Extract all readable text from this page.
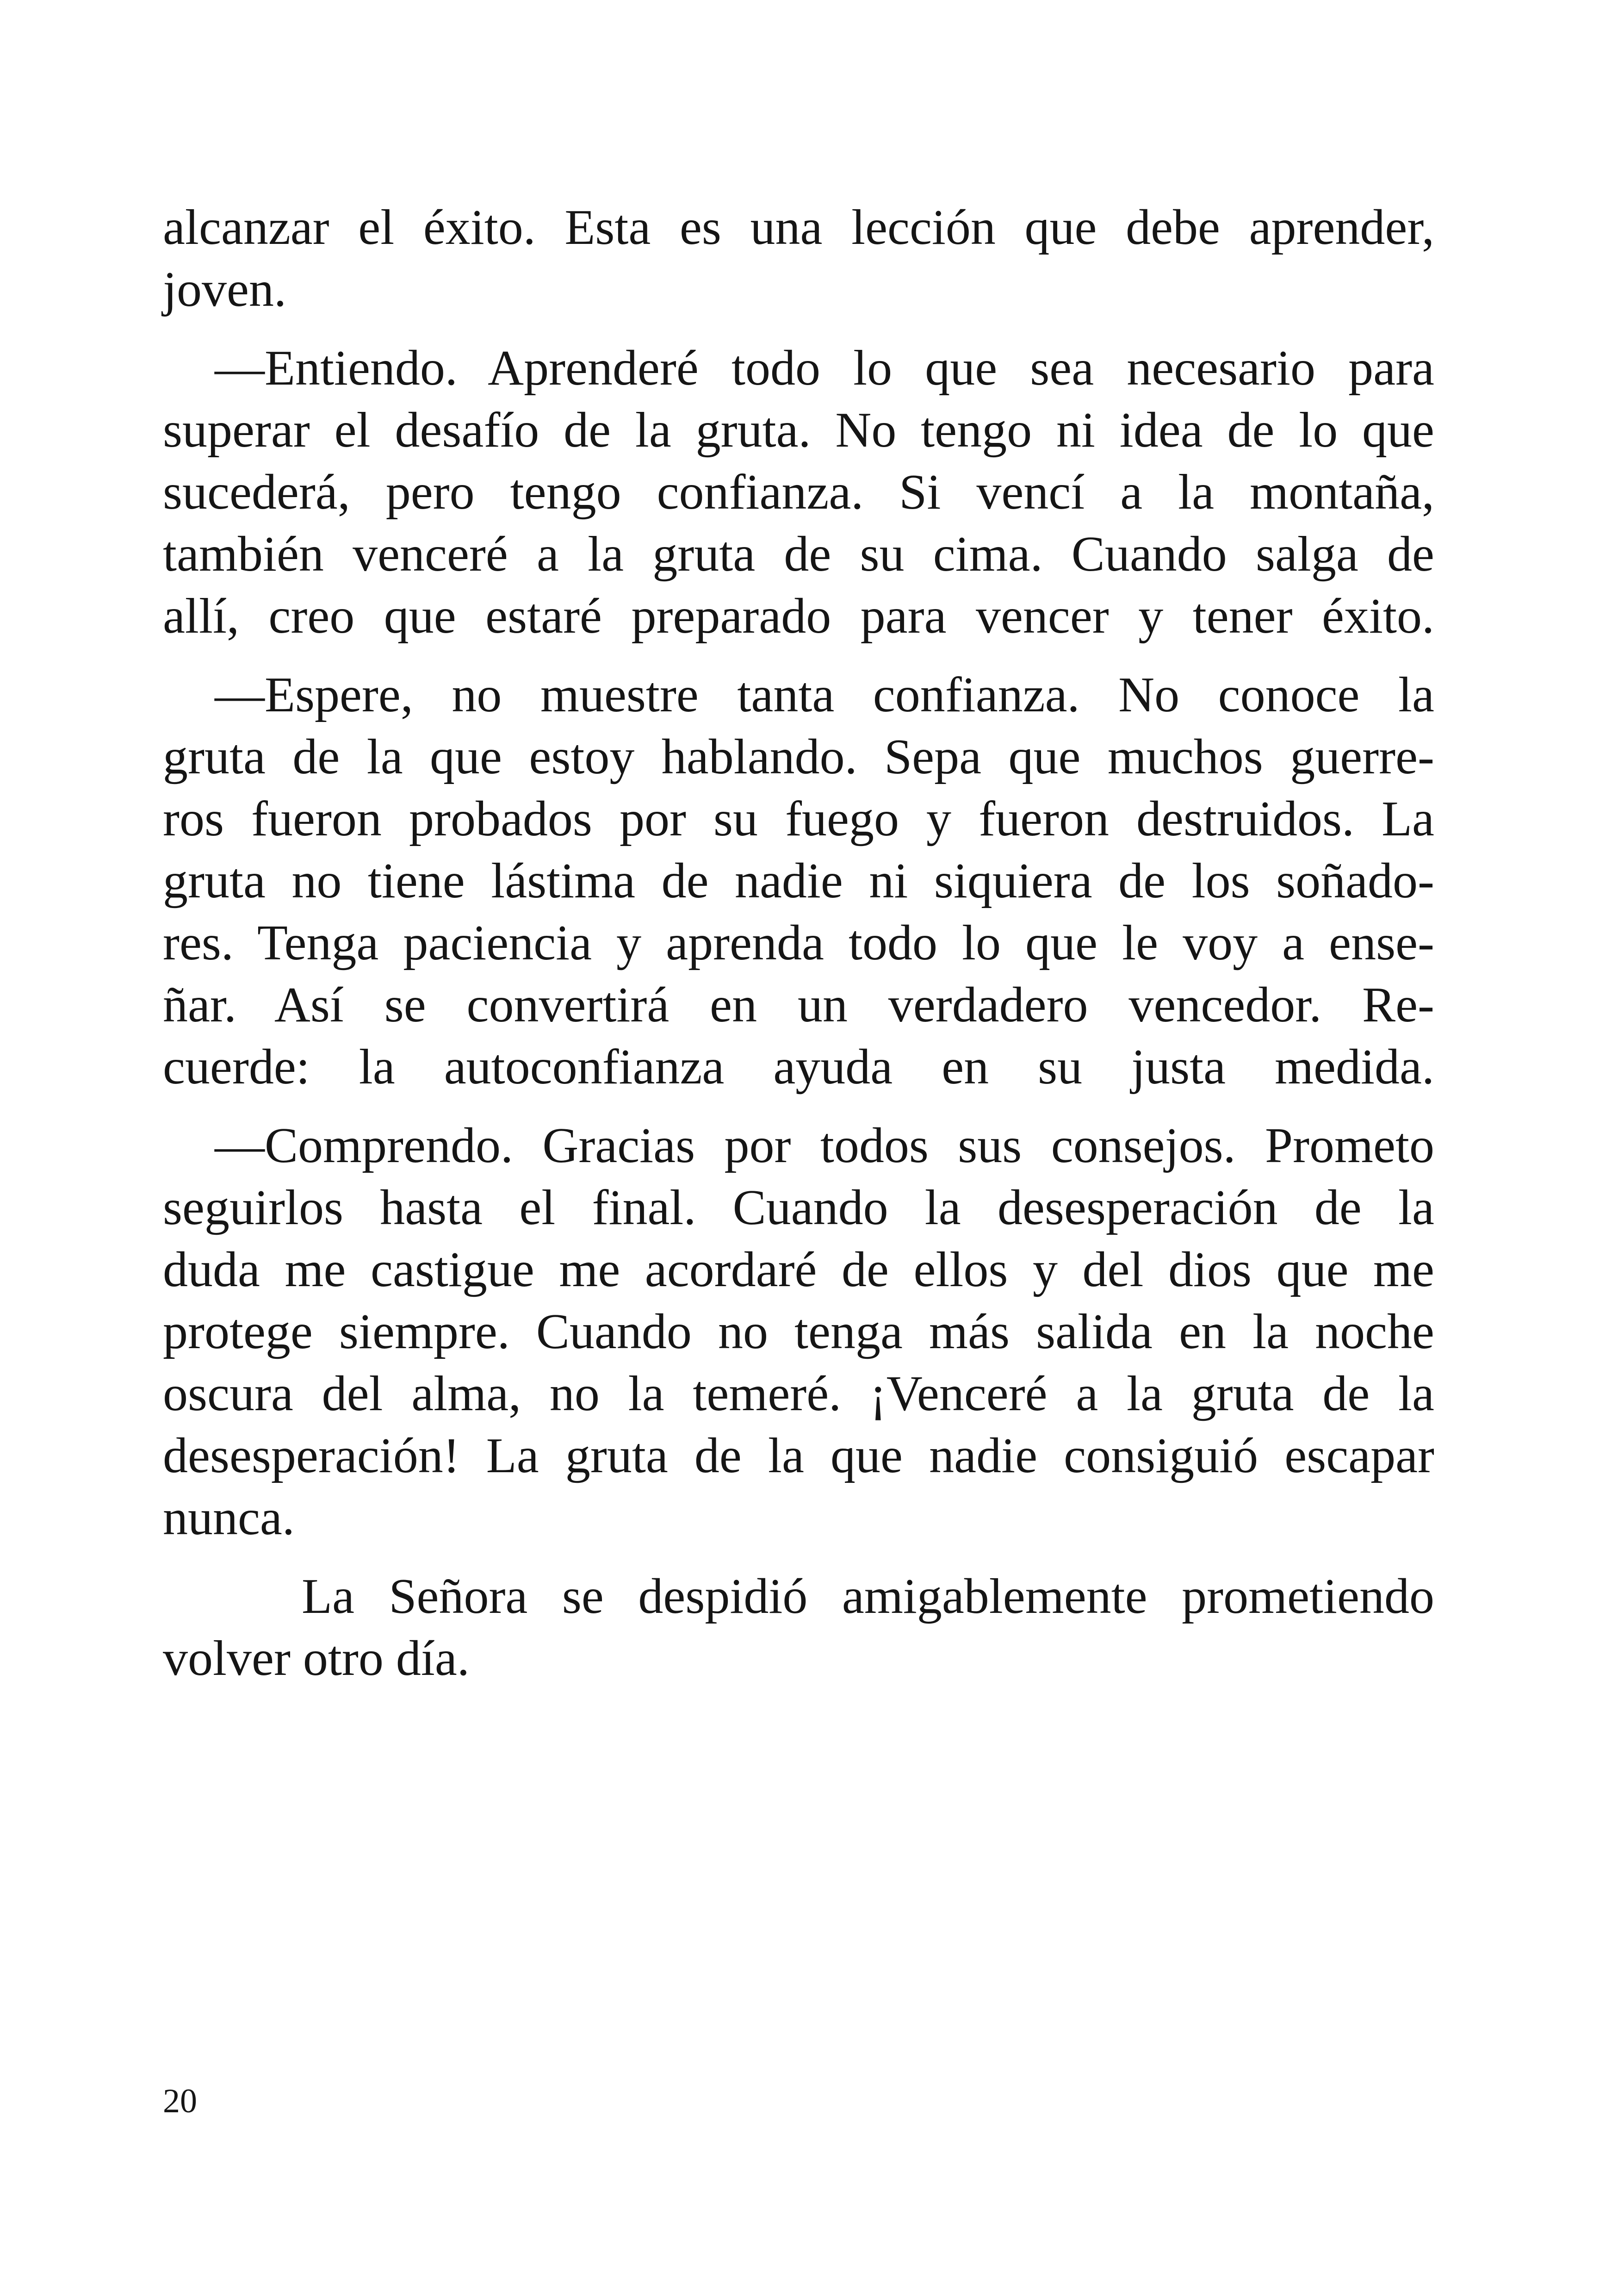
alcanzar el éxito. Esta es una lección que debe aprender,
joven.
—Entiendo. Aprenderé todo lo que sea necesario para
superar el desafío de la gruta. No tengo ni idea de lo que
sucederá, pero tengo confianza. Si vencí a la montaña,
también venceré a la gruta de su cima. Cuando salga de
allí, creo que estaré preparado para vencer y tener éxito.
—Espere, no muestre tanta confianza. No conoce la
gruta de la que estoy hablando. Sepa que muchos guerre-
ros fueron probados por su fuego y fueron destruidos. La
gruta no tiene lástima de nadie ni siquiera de los soñado-
res. Tenga paciencia y aprenda todo lo que le voy a ense-
ñar. Así se convertirá en un verdadero vencedor. Re-
cuerde: la autoconfianza ayuda en su justa medida.
—Comprendo. Gracias por todos sus consejos. Prometo
seguirlos hasta el final. Cuando la desesperación de la
duda me castigue me acordaré de ellos y del dios que me
protege siempre. Cuando no tenga más salida en la noche
oscura del alma, no la temeré. ¡Venceré a la gruta de la
desesperación! La gruta de la que nadie consiguió escapar
nunca.
La Señora se despidió amigablemente prometiendo
volver otro día.
20
